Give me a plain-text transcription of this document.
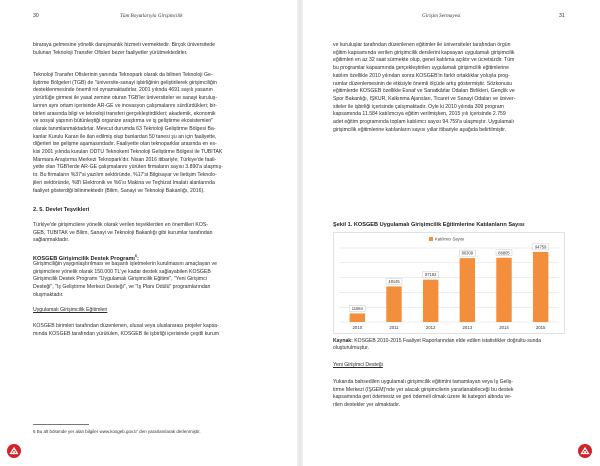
30	Tüm Boyutlarıyla Girişimcilik
biraraya gelmesine yönelik danışmanlık hizmeti vermektedir. Birçok üniversitede
bulunan Teknoloji Transfer Ofisleri bezer faaliyetler yürütmektedirler.
Teknoloji Transfer Ofislerinin yanında Teknopark olarak da bilinen Teknoloji Ge-
liştirme Bölgeleri (TGB) de "üniversite-sanayi işbirliğinin geliştirilerek girişimciliğin
desteklenmesinde önemli rol oynamaktadırlar. 2001 yılında 4691 sayılı yasanın
yürürlüğe girmesi ile yasal zemine oturan TGB'ler üniversiteler ve sanayi kuruluş-
larının aynı ortam içerisinde AR-GE ve inovasyon çalışmalarını sürdürdükleri; bir-
birleri arasında bilgi ve teknoloji transferi gerçekleştirdikleri; akademik, ekonomik
ve sosyal yapının bütünleştiği organize araştırma ve iş geliştirme ekosistemleri"
olarak tanımlanmaktadırlar. Mevcut durumda 63 Teknoloji Geliştirme Bölgesi Ba-
kanlar Kurulu Kararı ile ilan edilmiş olup bunlardan 50 tanesi şu an için faaliyette,
diğerleri ise gelişme aşamasındadır. Faaliyette olan teknoparklar arasında en es-
kisi 2001 yılında kurulan ODTÜ Teknokent Teknoloji Geliştirme Bölgesi ile TÜBİTAK
Marmara Araştırma Merkezi Teknopark'dır. Nisan 2016 itibariyle; Türkiye'de faali-
yette olan TGB'lerde AR-GE çalışmalarını yürüten firmaların sayısı 3.890'a ulaşmış-
tır. Bu firmaların %37'si yazılım sektöründe, %17'si Bilgisayar ve İletişim Teknolo-
jileri sektöründe, %8'i Elektronik ve %6'sı Makina ve Teçhizat İmalatı alanlarında
faaliyet gösterdiği bilinmektedir (Bilim, Sanayi ve Teknoloji Bakanlığı, 2016).
2. 5. Devlet Teşvikleri
Türkiye'de girişimcilere yönelik olarak verilen teşviklerden en önemlileri KOS-
GEB, TÜBİTAK ve Bilim, Sanayi ve Teknoloji Bakanlığı gibi kurumlar tarafından
sağlanmaktadır.
KOSGEB Girişimcilik Destek Programı$^6$:
Girişimciliğin yaygınlaştırılması ve başarılı işletmelerin kurulmasını amaçlayan ve
girişimcilere yönelik olarak 150.000 TL'ye kadar destek sağlayabilen KOSGEB
Girişimcilik Destek Programı "Uygulamalı Girişimcilik Eğitimi", "Yeni Girişimci
Desteği", "İş Geliştirme Merkezi Desteği", ve "İş Planı Ödülü" programlarından
oluşmaktadır.
Uygulamalı Girişimcilik Eğitimleri
KOSGEB birimleri tarafından düzenlenen, ulusal veya uluslararası projeler kapsa-
mında KOSGEB tarafından yürütülen, KOSGEB ile işbirliği içerisinde çeşitli kurum
6 Bu alt bölümde yer alan bilgiler www.kosgeb.gov.tr' den yararlanılarak derlenmiştir.
Girişim Sermayesi	31
ve kuruluşlar tarafından düzenlenen eğitimler ile üniversiteler tarafından örgün
eğitim kapsamında verilen girişimcilik derslerini kapsayan uygulamalı girişimcilik
eğitimleri en az 32 saat sürmekte olup, genel katılıma açıktır ve ücretsizdir. Tüm
bu programlar kapsamında gerçekleştirilen uygulamalı girişimcilik eğitimlerine
katılım özellikle 2010 yılından sonra KOSGEB'in farklı ortaklıklar yoluyla prog-
ramlar düzenlemesinin de etkisiyle önemli ölçüde artış göstermiştir. Sözkonusu
eğitimlerde KOSGEB özellikle Esnaf ve Sanatkârlar Odaları Birlikleri, Gençlik ve
Spor Bakanlığı, İŞKUR, Kalkınma Ajansları, Ticaret ve Sanayi Odaları ve üniver-
siteler ile işbirliği içerisinde çalışmaktadır. Öyle ki 2010 yılında 309 program
kapsamında 11.584 katılımcıya eğitim verilmişken, 2015 yılı içerisinde 2.759
adet eğitim programında toplam katılımcı sayısı 94.759'a ulaşmıştır. Uygulamalı
girişimcilik eğitimlerine katılanların sayısı yıllar itibariyle aşağıda belirtilmiştir.
Şekil 1. KOSGEB Uygulamalı Girişimcilik Eğitimlerine Katılanların Sayısı
Katılımcı Sayısı
11584
2010
48145
2011
57192
2012
86309
2013
86805
2014
94759
2015
Kaynak: KOSGEB 2010-2015 Faaliyet Raporlarından elde edilen istatistikler doğrultu-sunda oluşturulmuştur.
Yeni Girişimci Desteği
Yukarıda bahsedilen uygulamalı girişimcilik eğitimini tamamlayan veya İş Geliş-
tirme Merkezi (İŞGEM)'nde yer alacak girişimcilerin yararlanabileceği bu destek
kapsamında geri ödemesiz ve geri ödemeli olmak üzere iki kategori altında ve-
rilen destekler yer almaktadır.
